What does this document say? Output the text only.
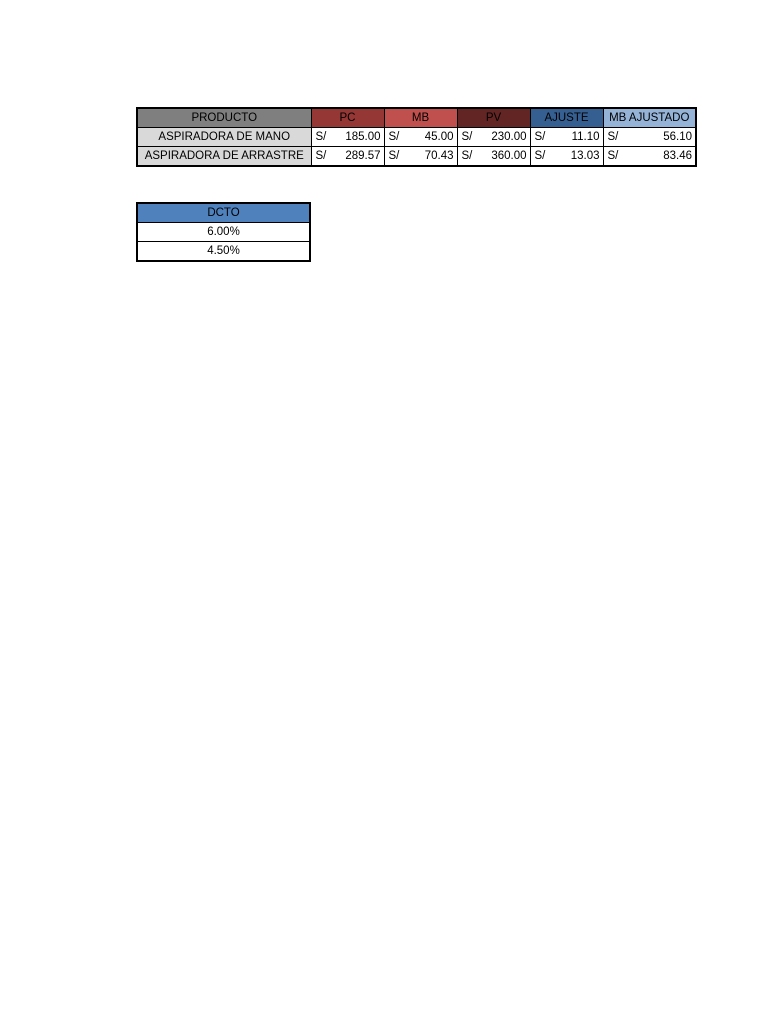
PRODUCTO	PC	MB	PV	AJUSTE	MB AJUSTADO
ASPIRADORA DE MANO	S/ 185.00	S/ 45.00	S/ 230.00	S/ 11.10	S/ 56.10

ASPIRADORA DE ARRASTRE	S/ 289.57	S/ 70.43	S/ 360.00	S/ 13.03	S/ 83.46
DCTO
6.00%
4.50%
